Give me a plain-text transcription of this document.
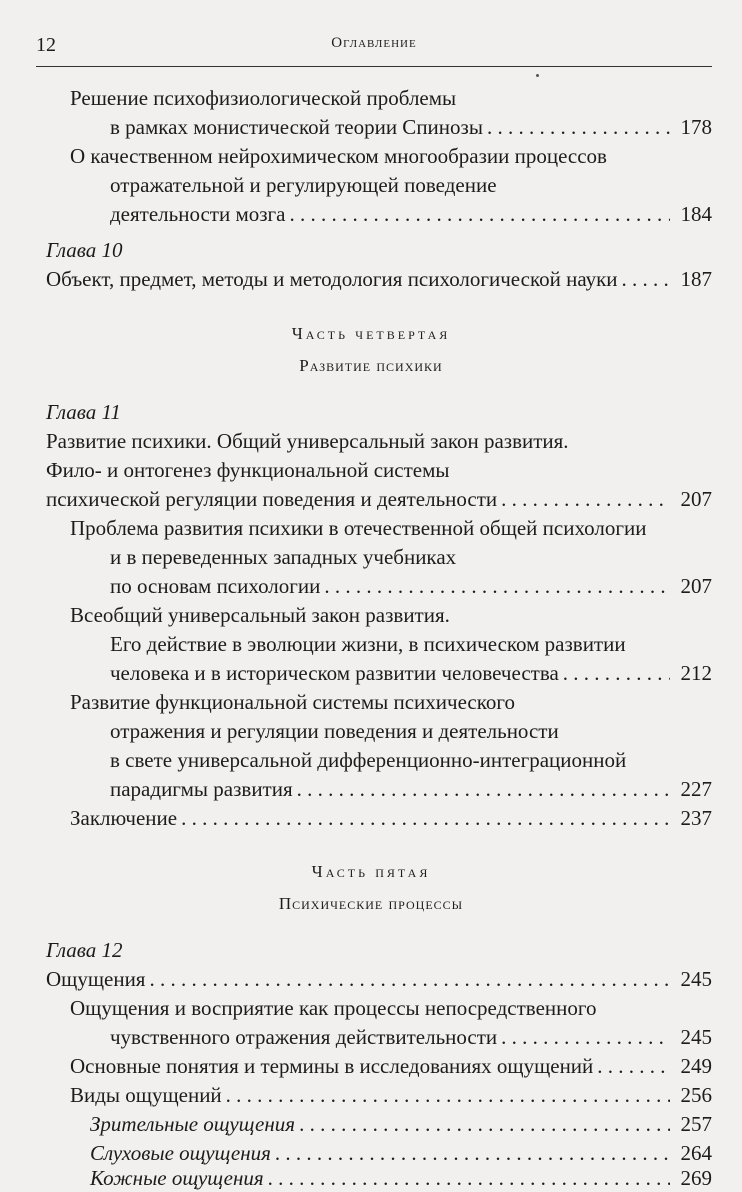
12	Оглавление
Решение психофизиологической проблемы
в рамках монистической теории Спинозы . . .	178
О качественном нейрохимическом многообразии процессов
отражательной и регулирующей поведение
деятельности мозга . . .	184
Глава 10
Объект, предмет, методы и методология психологической науки . . .	187
Часть четвертая
Развитие психики
Глава 11
Развитие психики. Общий универсальный закон развития.
Фило- и онтогенез функциональной системы
психической регуляции поведения и деятельности . . .	207
Проблема развития психики в отечественной общей психологии
и в переведенных западных учебниках
по основам психологии . . .	207
Всеобщий универсальный закон развития.
Его действие в эволюции жизни, в психическом развитии
человека и в историческом развитии человечества . . .	212
Развитие функциональной системы психического
отражения и регуляции поведения и деятельности
в свете универсальной дифференционно-интеграционной
парадигмы развития . . .	227
Заключение . . .	237
Часть пятая
Психические процессы
Глава 12
Ощущения . . .	245
Ощущения и восприятие как процессы непосредственного
чувственного отражения действительности . . .	245
Основные понятия и термины в исследованиях ощущений . . .	249
Виды ощущений . . .	256
Зрительные ощущения . . .	257
Слуховые ощущения . . .	264
Кожные ощущения . . .	269
